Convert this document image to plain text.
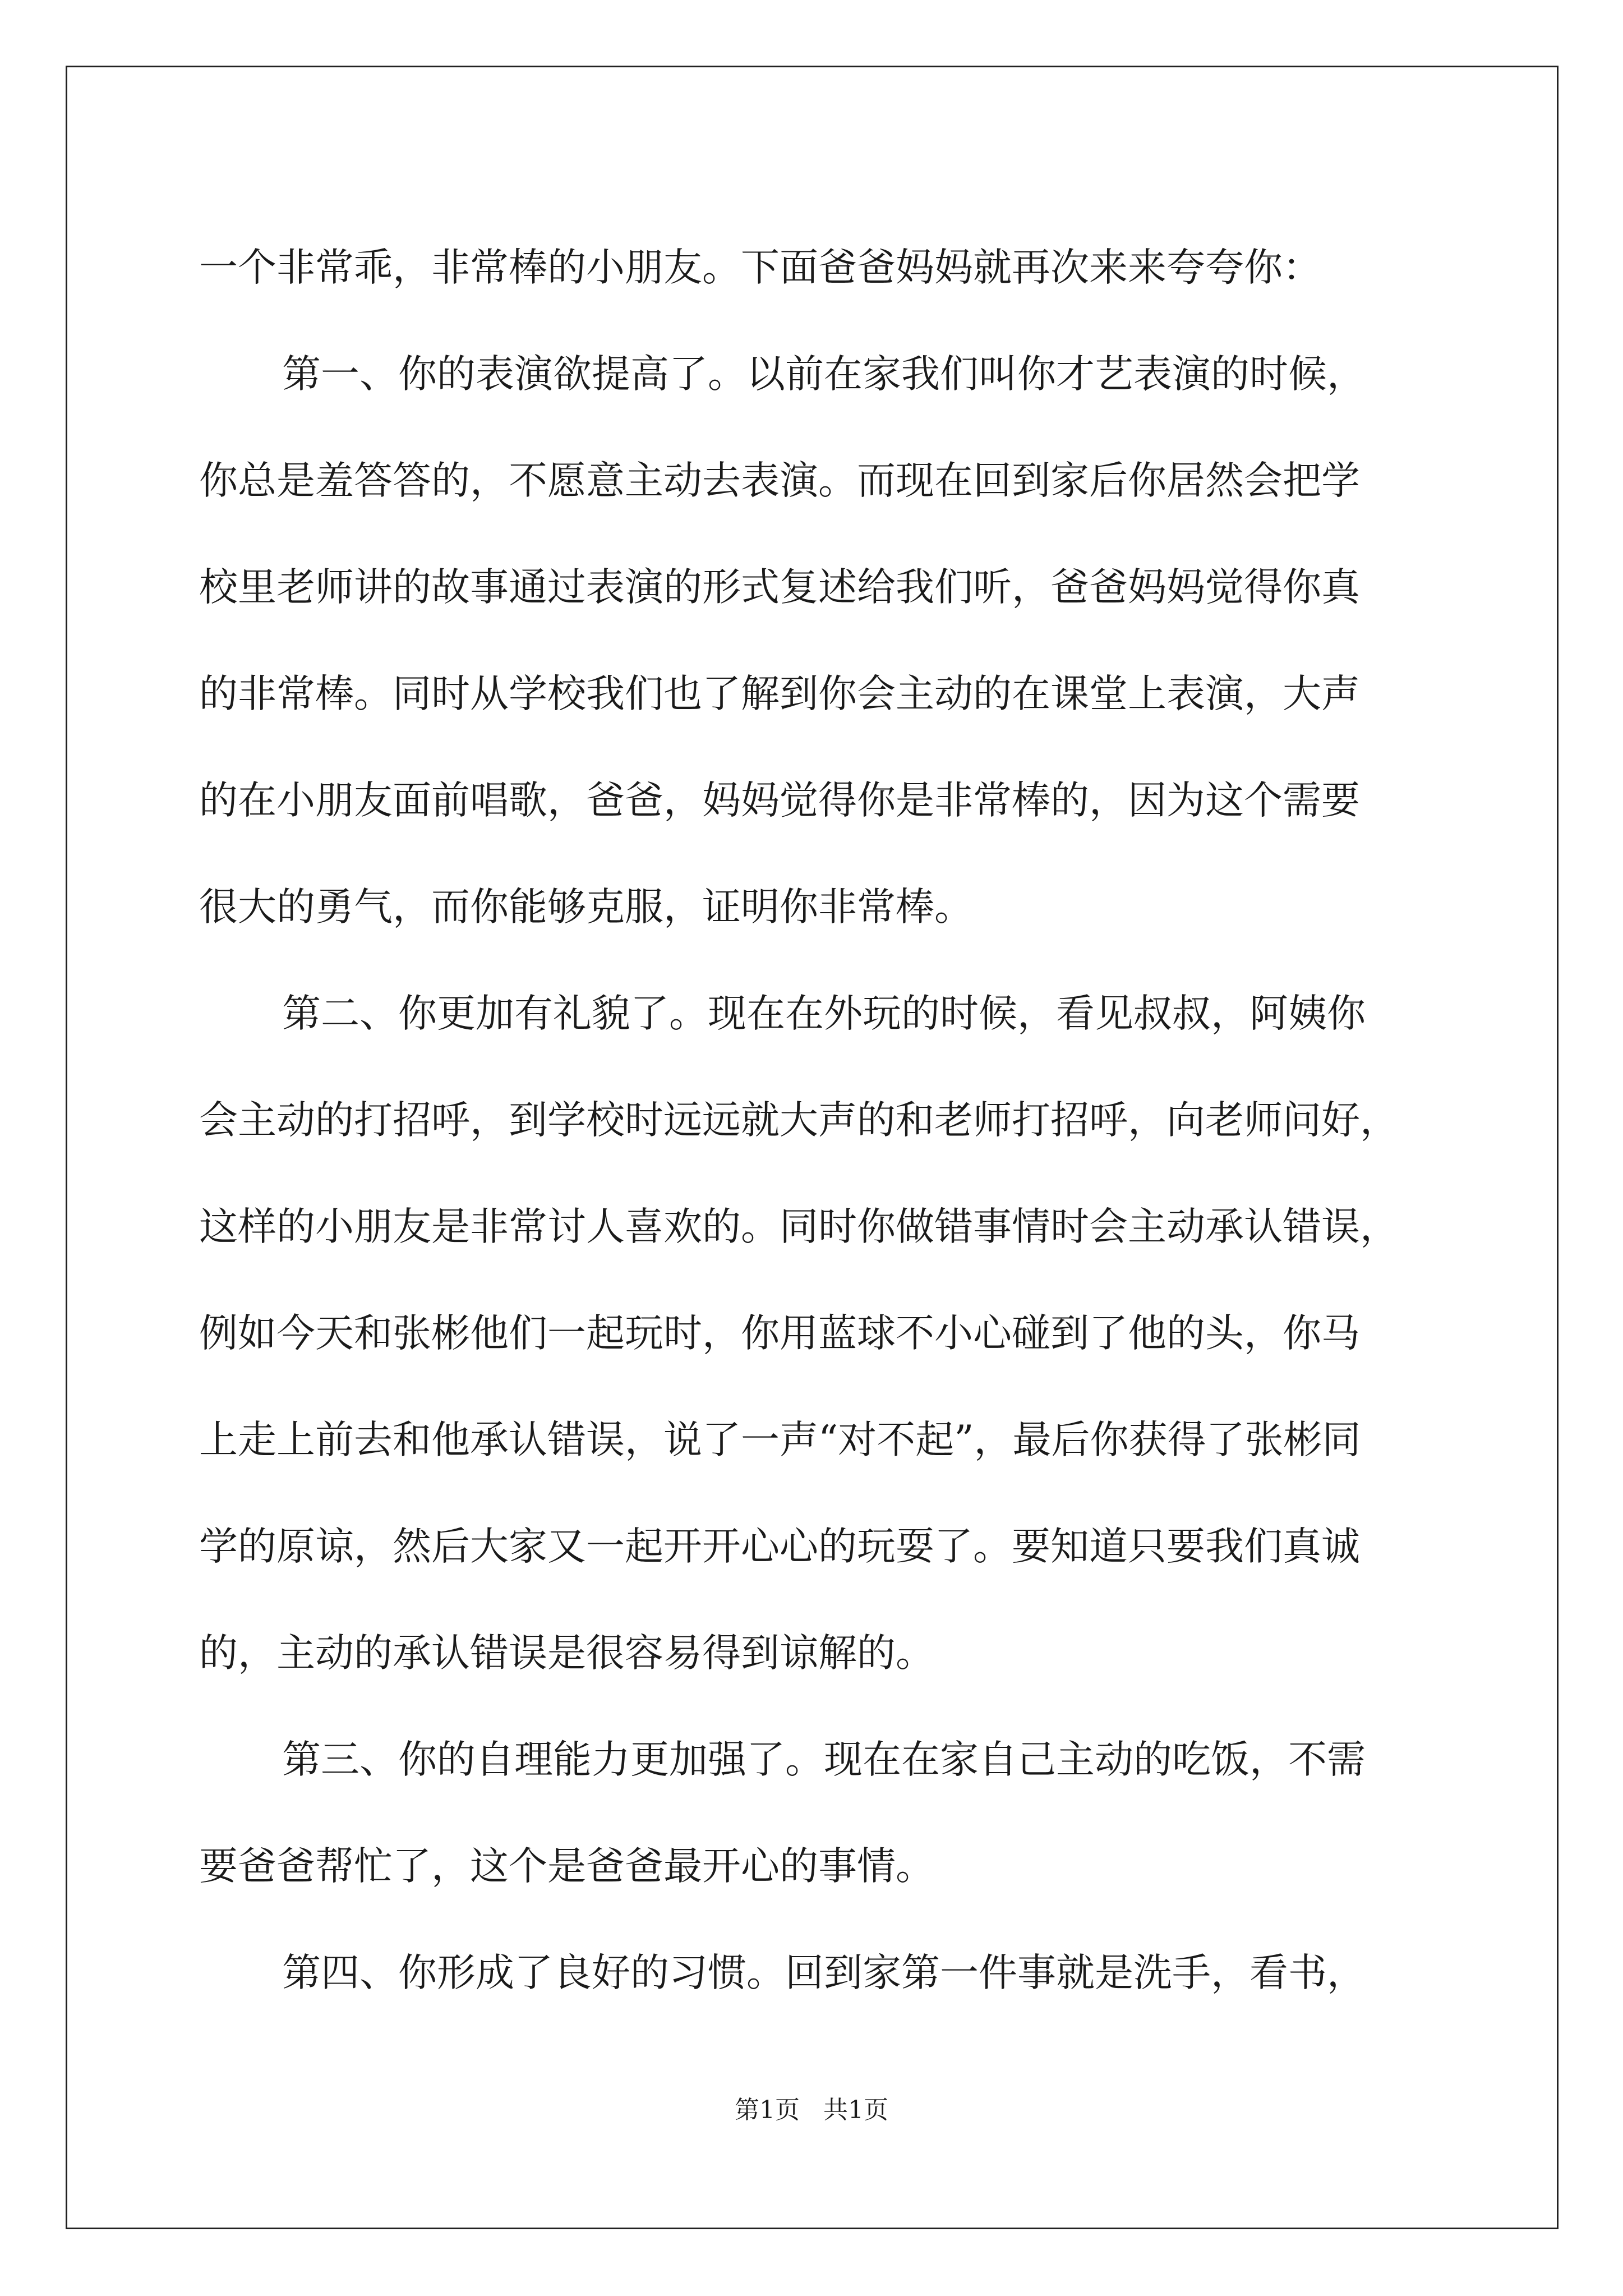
一个非常乖，非常棒的小朋友。下面爸爸妈妈就再次来来夸夸你：
第一、你的表演欲提高了。以前在家我们叫你才艺表演的时候，
你总是羞答答的，不愿意主动去表演。而现在回到家后你居然会把学
校里老师讲的故事通过表演的形式复述给我们听，爸爸妈妈觉得你真
的非常棒。同时从学校我们也了解到你会主动的在课堂上表演，大声
的在小朋友面前唱歌，爸爸，妈妈觉得你是非常棒的，因为这个需要
很大的勇气，而你能够克服，证明你非常棒。
第二、你更加有礼貌了。现在在外玩的时候，看见叔叔，阿姨你
会主动的打招呼，到学校时远远就大声的和老师打招呼，向老师问好，
这样的小朋友是非常讨人喜欢的。同时你做错事情时会主动承认错误，
例如今天和张彬他们一起玩时，你用蓝球不小心碰到了他的头，你马
上走上前去和他承认错误，说了一声“对不起”，最后你获得了张彬同
学的原谅，然后大家又一起开开心心的玩耍了。要知道只要我们真诚
的，主动的承认错误是很容易得到谅解的。
第三、你的自理能力更加强了。现在在家自己主动的吃饭，不需
要爸爸帮忙了，这个是爸爸最开心的事情。
第四、你形成了良好的习惯。回到家第一件事就是洗手，看书，
第1页   共1页
